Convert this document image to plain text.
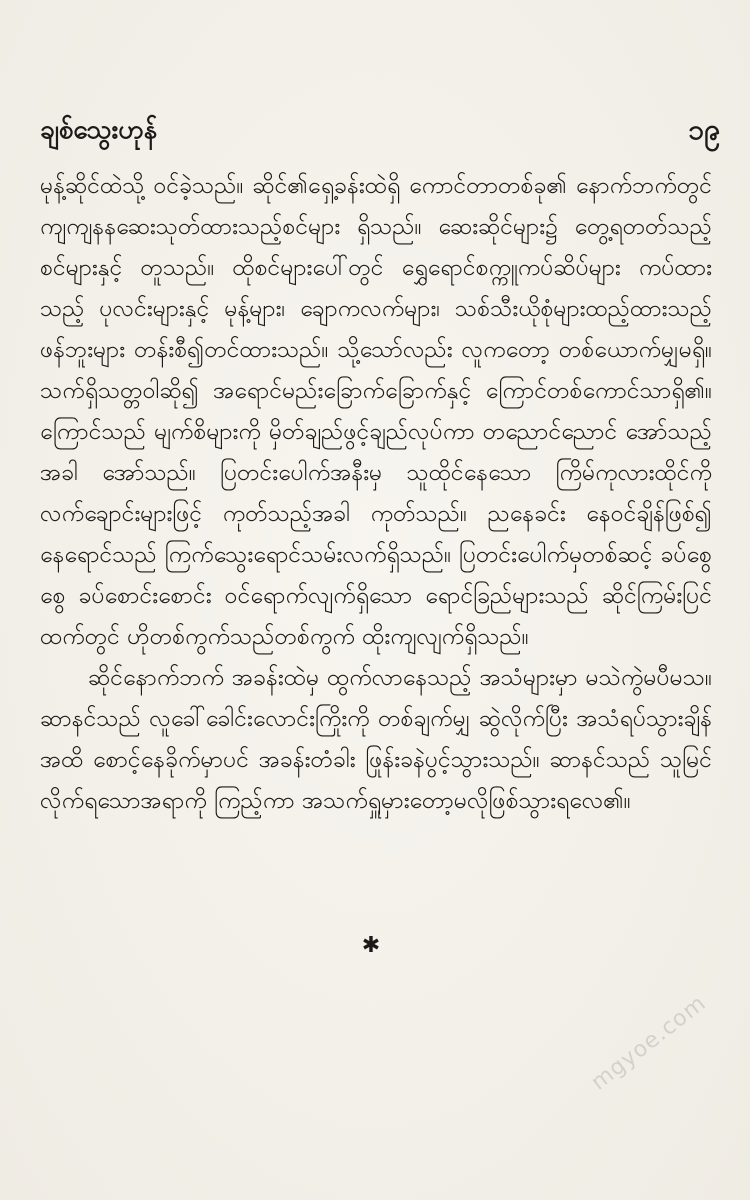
ချစ်သွေးဟုန်	၁၉

မုန့်ဆိုင်ထဲသို့ ဝင်ခဲ့သည်။ ဆိုင်၏ရှေ့ခန်းထဲရှိ ကောင်တာတစ်ခု၏ နောက်ဘက်တွင် ကျကျနနဆေးသုတ်ထားသည့်စင်များ ရှိသည်။ ဆေးဆိုင်များ၌ တွေ့ရတတ်သည့် စင်များနှင့် တူသည်။ ထိုစင်များပေါ်တွင် ရွှေရောင်စက္ကူကပ်ဆိပ်များ ကပ်ထားသည့် ပုလင်းများနှင့် မုန့်များ၊ ချောကလက်များ၊ သစ်သီးယိုစုံများထည့်ထားသည့် ဖန်ဘူးများ တန်းစီ၍တင်ထားသည်။ သို့သော်လည်း လူကတော့ တစ်ယောက်မျှမရှိ။ သက်ရှိသတ္တဝါဆို၍ အရောင်မည်းခြောက်ခြောက်နှင့် ကြောင်တစ်ကောင်သာရှိ၏။ ကြောင်သည် မျက်စိများကို မှိတ်ချည်ဖွင့်ချည်လုပ်ကာ တညောင်ညောင် အော်သည့်အခါ အော်သည်။ ပြတင်းပေါက်အနီးမှ သူထိုင်နေသော ကြိမ်ကုလားထိုင်ကို လက်ချောင်းများဖြင့် ကုတ်သည့်အခါ ကုတ်သည်။ ညနေခင်း နေဝင်ချိန်ဖြစ်၍ နေရောင်သည် ကြက်သွေးရောင်သမ်းလက်ရှိသည်။ ပြတင်းပေါက်မှတစ်ဆင့် ခပ်စွေစွေ ခပ်စောင်းစောင်း ဝင်ရောက်လျက်ရှိသော ရောင်ခြည်များသည် ဆိုင်ကြမ်းပြင်ထက်တွင် ဟိုတစ်ကွက်သည်တစ်ကွက် ထိုးကျလျက်ရှိသည်။

ဆိုင်နောက်ဘက် အခန်းထဲမှ ထွက်လာနေသည့် အသံများမှာ မသဲကွဲမပီမသ။ ဆာနင်သည် လူခေါ်ခေါင်းလောင်းကြိုးကို တစ်ချက်မျှ ဆွဲလိုက်ပြီး အသံရပ်သွားချိန်အထိ စောင့်နေခိုက်မှာပင် အခန်းတံခါး ဖြုန်းခနဲပွင့်သွားသည်။ ဆာနင်သည် သူမြင်လိုက်ရသောအရာကို ကြည့်ကာ အသက်ရှူမှားတော့မလိုဖြစ်သွားရလေ၏။

✱
mgyoe.com
